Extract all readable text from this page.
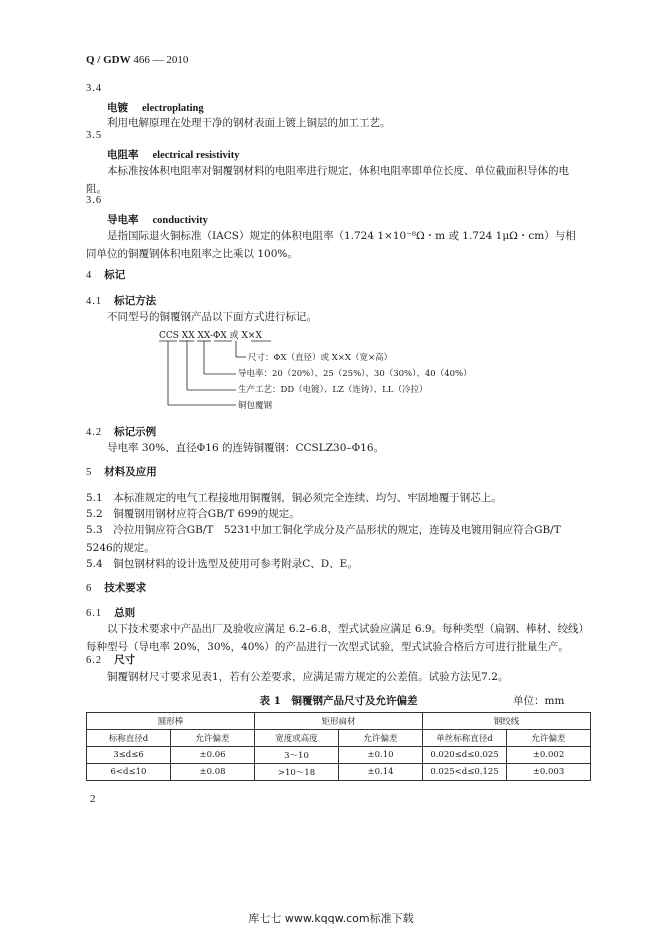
Q / GDW 466 — 2010
3.4
电镀 electroplating
利用电解原理在处理干净的钢材表面上镀上铜层的加工工艺。
3.5
电阻率 electrical resistivity
本标准按体积电阻率对铜覆钢材料的电阻率进行规定，体积电阻率即单位长度、单位截面积导体的电阻。
3.6
导电率 conductivity
是指国际退火铜标准（IACS）规定的体积电阻率（1.724 1×10⁻⁸Ω・m 或 1.724 1μΩ・cm）与相同单位的铜覆钢体积电阻率之比乘以 100%。
4 标记
4.1 标记方法
不同型号的铜覆钢产品以下面方式进行标记。
CCS XX XX-ΦX 或 X×X
尺寸：ΦX（直径）或 X×X（宽×高）
导电率：20（20%）、25（25%）、30（30%）、40（40%）
生产工艺：DD（电镀）、LZ（连铸）、LL（冷拉）
铜包覆钢
4.2 标记示例
导电率 30%、直径Φ16 的连铸铜覆钢：CCSLZ30–Φ16。
5 材料及应用
5.1　本标准规定的电气工程接地用铜覆钢，铜必须完全连续、均匀、牢固地覆于钢芯上。
5.2　铜覆钢用钢材应符合GB/T 699的规定。
5.3　冷拉用铜应符合GB/T　5231中加工铜化学成分及产品形状的规定，连铸及电镀用铜应符合GB/T 5246的规定。
5.4　铜包钢材料的设计选型及使用可参考附录C、D、E。
6 技术要求
6.1 总则
以下技术要求中产品出厂及验收应满足 6.2–6.8，型式试验应满足 6.9。每种类型（扁钢、棒材、绞线）每种型号（导电率 20%，30%，40%）的产品进行一次型式试验，型式试验合格后方可进行批量生产。
6.2 尺寸
铜覆钢材尺寸要求见表1，若有公差要求，应满足需方规定的公差值。试验方法见7.2。
表 1　铜覆钢产品尺寸及允许偏差	单位：mm
圆形棒		矩形扁材		钢绞线	
标称直径d	允许偏差	宽度或高度	允许偏差	单丝标称直径d	允许偏差
3≤d≤6	±0.06	3～10	±0.10	0.020≤d≤0.025	±0.002
6<d≤10	±0.08	>10～18	±0.14	0.025<d≤0.125	±0.003
2
库七七 www.kqqw.com标准下载
